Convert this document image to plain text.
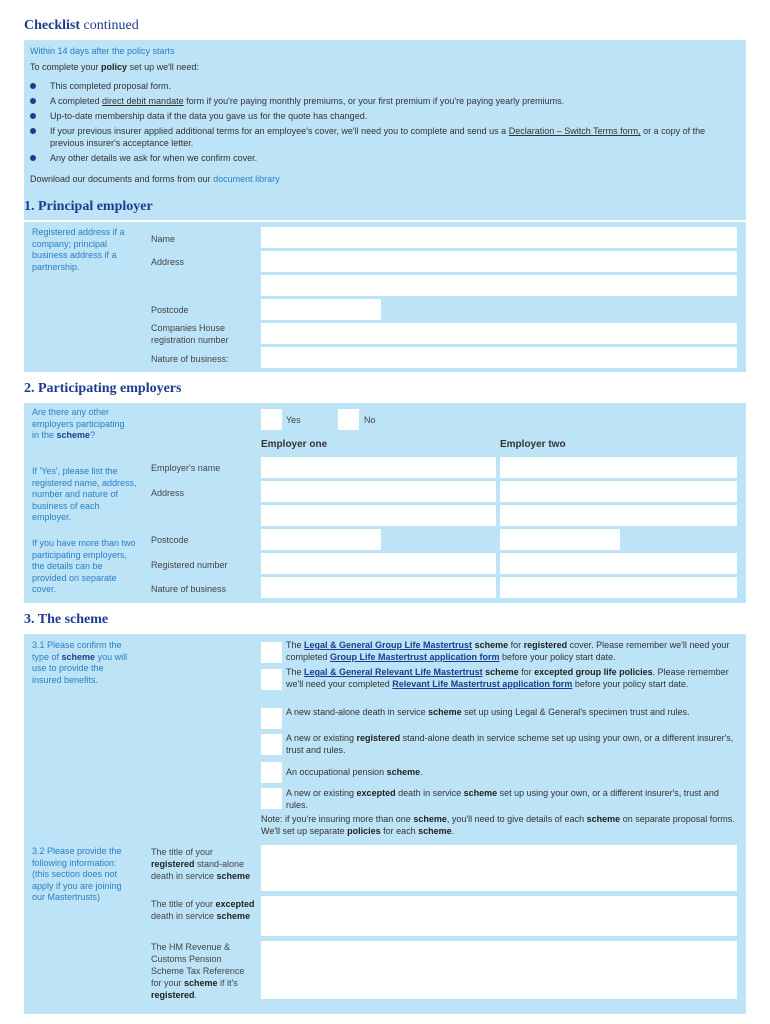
Checklist continued
Within 14 days after the policy starts
To complete your policy set up we'll need:
This completed proposal form.
A completed direct debit mandate form if you're paying monthly premiums, or your first premium if you're paying yearly premiums.
Up-to-date membership data if the data you gave us for the quote has changed.
If your previous insurer applied additional terms for an employee's cover, we'll need you to complete and send us a Declaration – Switch Terms form, or a copy of the previous insurer's acceptance letter.
Any other details we ask for when we confirm cover.
Download our documents and forms from our document library
1. Principal employer
Registered address if a company; principal business address if a partnership.
Name
Address
Postcode
Companies House registration number
Nature of business:
2. Participating employers
Are there any other employers participating in the scheme?
Yes	No
Employer one	Employer two
If 'Yes', please list the registered name, address, number and nature of business of each employer.
If you have more than two participating employers, the details can be provided on separate cover.
Employer's name
Address
Postcode
Registered number
Nature of business
3. The scheme
3.1 Please confirm the type of scheme you will use to provide the insured benefits.
The Legal & General Group Life Mastertrust scheme for registered cover. Please remember we'll need your completed Group Life Mastertrust application form before your policy start date.
The Legal & General Relevant Life Mastertrust scheme for excepted group life policies. Please remember we'll need your completed Relevant Life Mastertrust application form before your policy start date.
A new stand-alone death in service scheme set up using Legal & General's specimen trust and rules.
A new or existing registered stand-alone death in service scheme set up using your own, or a different insurer's, trust and rules.
An occupational pension scheme.
A new or existing excepted death in service scheme set up using your own, or a different insurer's, trust and rules.
Note: if you're insuring more than one scheme, you'll need to give details of each scheme on separate proposal forms. We'll set up separate policies for each scheme.
3.2 Please provide the following information: (this section does not apply if you are joining our Mastertrusts)
The title of your registered stand-alone death in service scheme
The title of your excepted death in service scheme
The HM Revenue & Customs Pension Scheme Tax Reference for your scheme if it's registered.
